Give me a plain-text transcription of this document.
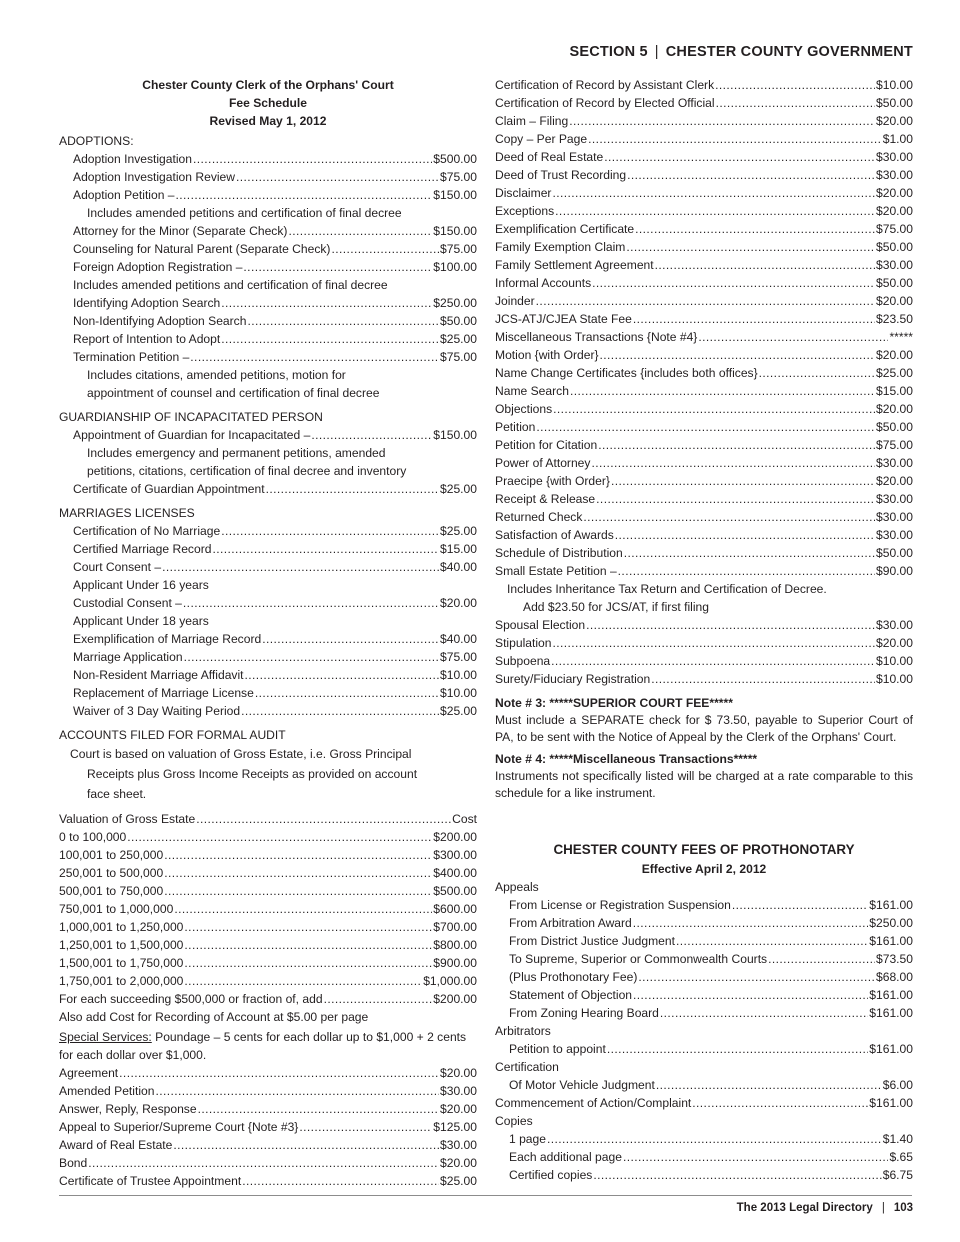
SECTION 5 | CHESTER COUNTY GOVERNMENT
Chester County Clerk of the Orphans' Court
Fee Schedule
Revised May 1, 2012
ADOPTIONS:
Adoption Investigation .....	$500.00
Adoption Investigation Review .....	$75.00
Adoption Petition – .....	$150.00
Includes amended petitions and certification of final decree
Attorney for the Minor (Separate Check) .....	$150.00
Counseling for Natural Parent (Separate Check) .....	$75.00
Foreign Adoption Registration – .....	$100.00
Includes amended petitions and certification of final decree
Identifying Adoption Search .....	$250.00
Non-Identifying Adoption Search .....	$50.00
Report of Intention to Adopt .....	$25.00
Termination Petition – .....	$75.00
Includes citations, amended petitions, motion for
appointment of counsel and certification of final decree
GUARDIANSHIP OF INCAPACITATED PERSON
Appointment of Guardian for Incapacitated – .....	$150.00
Includes emergency and permanent petitions, amended
petitions, citations, certification of final decree and inventory
Certificate of Guardian Appointment .....	$25.00
MARRIAGES LICENSES
Certification of No Marriage .....	$25.00
Certified Marriage Record .....	$15.00
Court Consent – .....	$40.00
Applicant Under 16 years
Custodial Consent – .....	$20.00
Applicant Under 18 years
Exemplification of Marriage Record .....	$40.00
Marriage Application .....	$75.00
Non-Resident Marriage Affidavit .....	$10.00
Replacement of Marriage License .....	$10.00
Waiver of 3 Day Waiting Period .....	$25.00
ACCOUNTS FILED FOR FORMAL AUDIT
Court is based on valuation of Gross Estate, i.e. Gross Principal
Receipts plus Gross Income Receipts as provided on account
face sheet.
Valuation of Gross Estate .....	Cost
0 to 100,000 .....	$200.00
100,001 to 250,000 .....	$300.00
250,001 to 500,000 .....	$400.00
500,001 to 750,000 .....	$500.00
750,001 to 1,000,000 .....	$600.00
1,000,001 to 1,250,000 .....	$700.00
1,250,001 to 1,500,000 .....	$800.00
1,500,001 to 1,750,000 .....	$900.00
1,750,001 to 2,000,000 .....	$1,000.00
For each succeeding $500,000 or fraction of, add .....	$200.00
Also add Cost for Recording of Account at $5.00 per page
Special Services: Poundage – 5 cents for each dollar up to $1,000 + 2 cents for each dollar over $1,000.
Agreement .....	$20.00
Amended Petition .....	$30.00
Answer, Reply, Response .....	$20.00
Appeal to Superior/Supreme Court {Note #3} .....	$125.00
Award of Real Estate .....	$30.00
Bond .....	$20.00
Certificate of Trustee Appointment .....	$25.00
Certification of Record by Assistant Clerk .....	$10.00
Certification of Record by Elected Official .....	$50.00
Claim – Filing .....	$20.00
Copy – Per Page .....	$1.00
Deed of Real Estate .....	$30.00
Deed of Trust Recording .....	$30.00
Disclaimer .....	$20.00
Exceptions .....	$20.00
Exemplification Certificate .....	$75.00
Family Exemption Claim .....	$50.00
Family Settlement Agreement .....	$30.00
Informal Accounts .....	$50.00
Joinder .....	$20.00
JCS-ATJ/CJEA State Fee .....	$23.50
Miscellaneous Transactions {Note #4} .....	*****
Motion {with Order} .....	$20.00
Name Change Certificates {includes both offices} .....	$25.00
Name Search .....	$15.00
Objections .....	$20.00
Petition .....	$50.00
Petition for Citation .....	$75.00
Power of Attorney .....	$30.00
Praecipe {with Order} .....	$20.00
Receipt & Release .....	$30.00
Returned Check .....	$30.00
Satisfaction of Awards .....	$30.00
Schedule of Distribution .....	$50.00
Small Estate Petition – .....	$90.00
Includes Inheritance Tax Return and Certification of Decree.
Add $23.50 for JCS/AT, if first filing
Spousal Election .....	$30.00
Stipulation .....	$20.00
Subpoena .....	$10.00
Surety/Fiduciary Registration .....	$10.00
Note # 3: *****SUPERIOR COURT FEE*****
Must include a SEPARATE check for $ 73.50, payable to Superior Court of PA, to be sent with the Notice of Appeal by the Clerk of the Orphans' Court.
Note # 4: *****Miscellaneous Transactions*****
Instruments not specifically listed will be charged at a rate comparable to this schedule for a like instrument.
CHESTER COUNTY FEES OF PROTHONOTARY
Effective April 2, 2012
Appeals
From License or Registration Suspension .....	$161.00
From Arbitration Award .....	$250.00
From District Justice Judgment .....	$161.00
To Supreme, Superior or Commonwealth Courts .....	$73.50
(Plus Prothonotary Fee) .....	$68.00
Statement of Objection .....	$161.00
From Zoning Hearing Board .....	$161.00
Arbitrators
Petition to appoint .....	$161.00
Certification
Of Motor Vehicle Judgment .....	$6.00
Commencement of Action/Complaint .....	$161.00
Copies
1 page .....	$1.40
Each additional page .....	$.65
Certified copies .....	$6.75
The 2013 Legal Directory | 103
